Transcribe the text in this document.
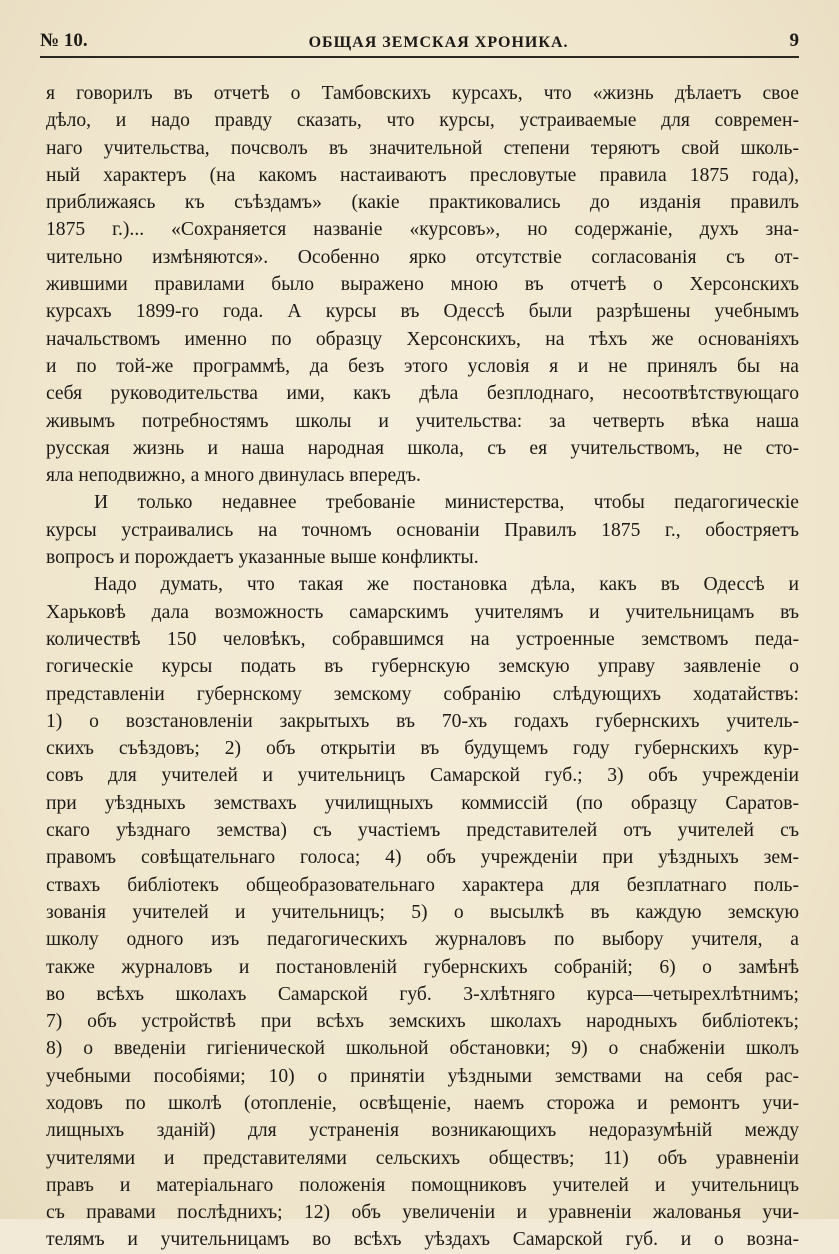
№ 10.	ОБЩАЯ ЗЕМСКАЯ ХРОНИКА.	9
я говорилъ въ отчетѣ о Тамбовскихъ курсахъ, что «жизнь дѣлаетъ свое
дѣло, и надо правду сказать, что курсы, устраиваемые для современ-
наго учительства, почсволъ въ значительной степени теряютъ свой школь-
ный характеръ (на какомъ настаиваютъ пресловутые правила 1875 года),
приближаясь къ съѣздамъ» (какіе практиковались до изданія правилъ
1875 г.)... «Сохраняется названіе «курсовъ», но содержаніе, духъ зна-
чительно измѣняются». Особенно ярко отсутствіе согласованія съ от-
жившими правилами было выражено мною въ отчетѣ о Херсонскихъ
курсахъ 1899-го года. А курсы въ Одессѣ были разрѣшены учебнымъ
начальствомъ именно по образцу Херсонскихъ, на тѣхъ же основаніяхъ
и по той-же программѣ, да безъ этого условія я и не принялъ бы на
себя руководительства ими, какъ дѣла безплоднаго, несоотвѣтствующаго
живымъ потребностямъ школы и учительства: за четверть вѣка наша
русская жизнь и наша народная школа, съ ея учительствомъ, не сто-
яла неподвижно, а много двинулась впередъ.
И только недавнее требованіе министерства, чтобы педагогическіе
курсы устраивались на точномъ основаніи Правилъ 1875 г., обостряетъ
вопросъ и порождаетъ указанные выше конфликты.
Надо думать, что такая же постановка дѣла, какъ въ Одессѣ и
Харьковѣ дала возможность самарскимъ учителямъ и учительницамъ въ
количествѣ 150 человѣкъ, собравшимся на устроенные земствомъ педа-
гогическіе курсы подать въ губернскую земскую управу заявленіе о
представленіи губернскому земскому собранію слѣдующихъ ходатайствъ:
1) о возстановленіи закрытыхъ въ 70-хъ годахъ губернскихъ учитель-
скихъ съѣздовъ; 2) объ открытіи въ будущемъ году губернскихъ кур-
совъ для учителей и учительницъ Самарской губ.; 3) объ учрежденіи
при уѣздныхъ земствахъ училищныхъ коммиссій (по образцу Саратов-
скаго уѣзднаго земства) съ участіемъ представителей отъ учителей съ
правомъ совѣщательнаго голоса; 4) объ учрежденіи при уѣздныхъ зем-
ствахъ библіотекъ общеобразовательнаго характера для безплатнаго поль-
зованія учителей и учительницъ; 5) о высылкѣ въ каждую земскую
школу одного изъ педагогическихъ журналовъ по выбору учителя, а
также журналовъ и постановленій губернскихъ собраній; 6) о замѣнѣ
во всѣхъ школахъ Самарской губ. 3-хлѣтняго курса—четырехлѣтнимъ;
7) объ устройствѣ при всѣхъ земскихъ школахъ народныхъ библіотекъ;
8) о введеніи гигіенической школьной обстановки; 9) о снабженіи школъ
учебными пособіями; 10) о принятіи уѣздными земствами на себя рас-
ходовъ по школѣ (отопленіе, освѣщеніе, наемъ сторожа и ремонтъ учи-
лищныхъ зданій) для устраненія возникающихъ недоразумѣній между
учителями и представителями сельскихъ обществъ; 11) объ уравненіи
правъ и матеріальнаго положенія помощниковъ учителей и учительницъ
съ правами послѣднихъ; 12) объ увеличеніи и уравненіи жалованья учи-
телямъ и учительницамъ во всѣхъ уѣздахъ Самарской губ. и о возна-
